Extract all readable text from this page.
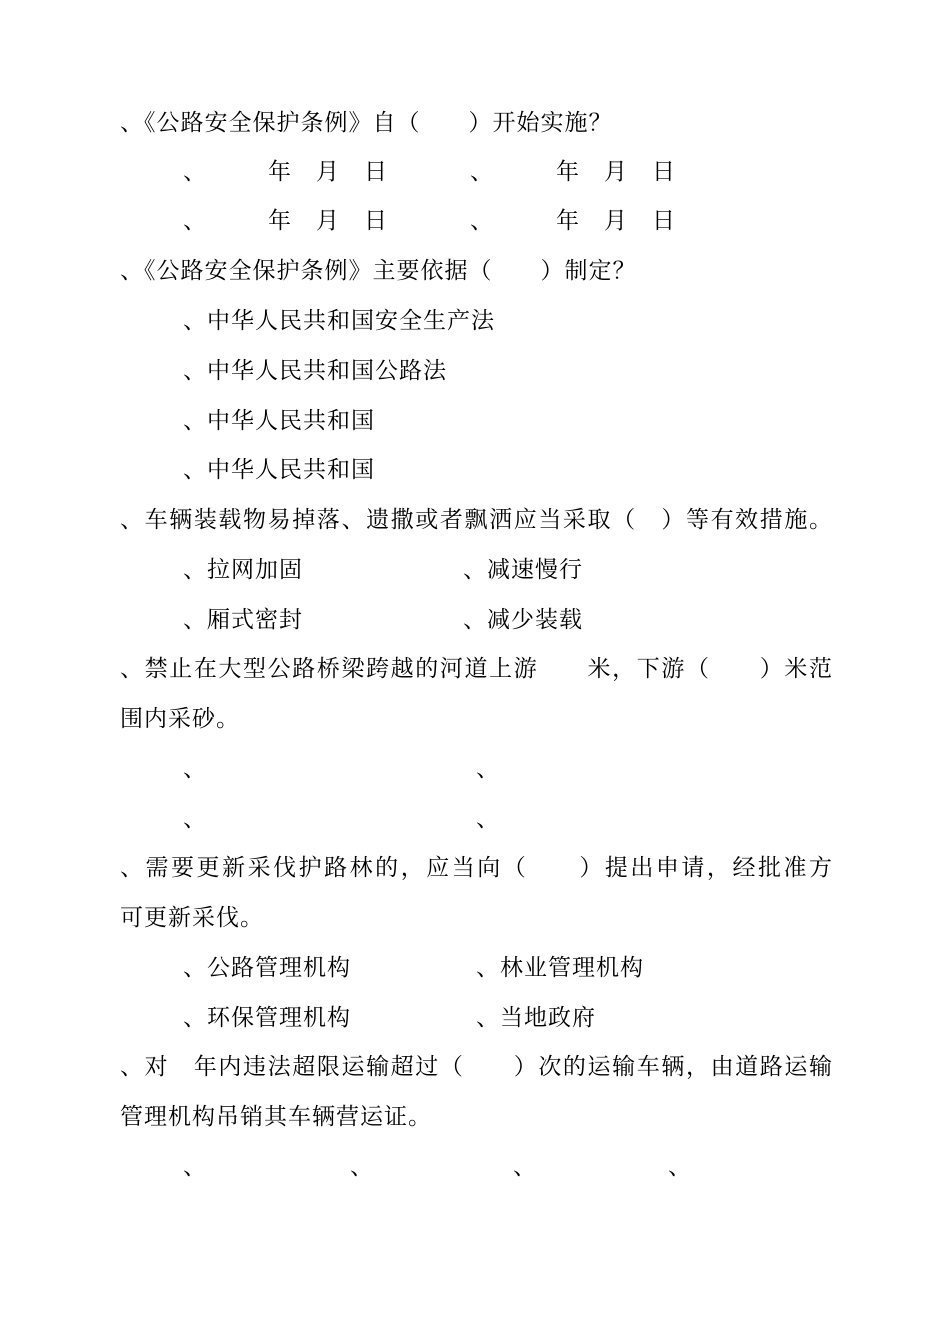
、《公路安全保护条例》自（　　）开始实施？
、	年　月　日	、	年　月　日
、	年　月　日	、	年　月　日
、《公路安全保护条例》主要依据（　　）制定？
、中华人民共和国安全生产法
、中华人民共和国公路法
、中华人民共和国
、中华人民共和国
、车辆装载物易掉落、遗撒或者飘洒应当采取（　）等有效措施。
、拉网加固	、减速慢行
、厢式密封	、减少装载
、禁止在大型公路桥梁跨越的河道上游　　米，下游（　　）米范
围内采砂。
、	、
、	、
、需要更新采伐护路林的，应当向（　　）提出申请，经批准方
可更新采伐。
、公路管理机构	、林业管理机构
、环保管理机构	、当地政府
、对　年内违法超限运输超过（　　）次的运输车辆，由道路运输
管理机构吊销其车辆营运证。
、	、	、	、
